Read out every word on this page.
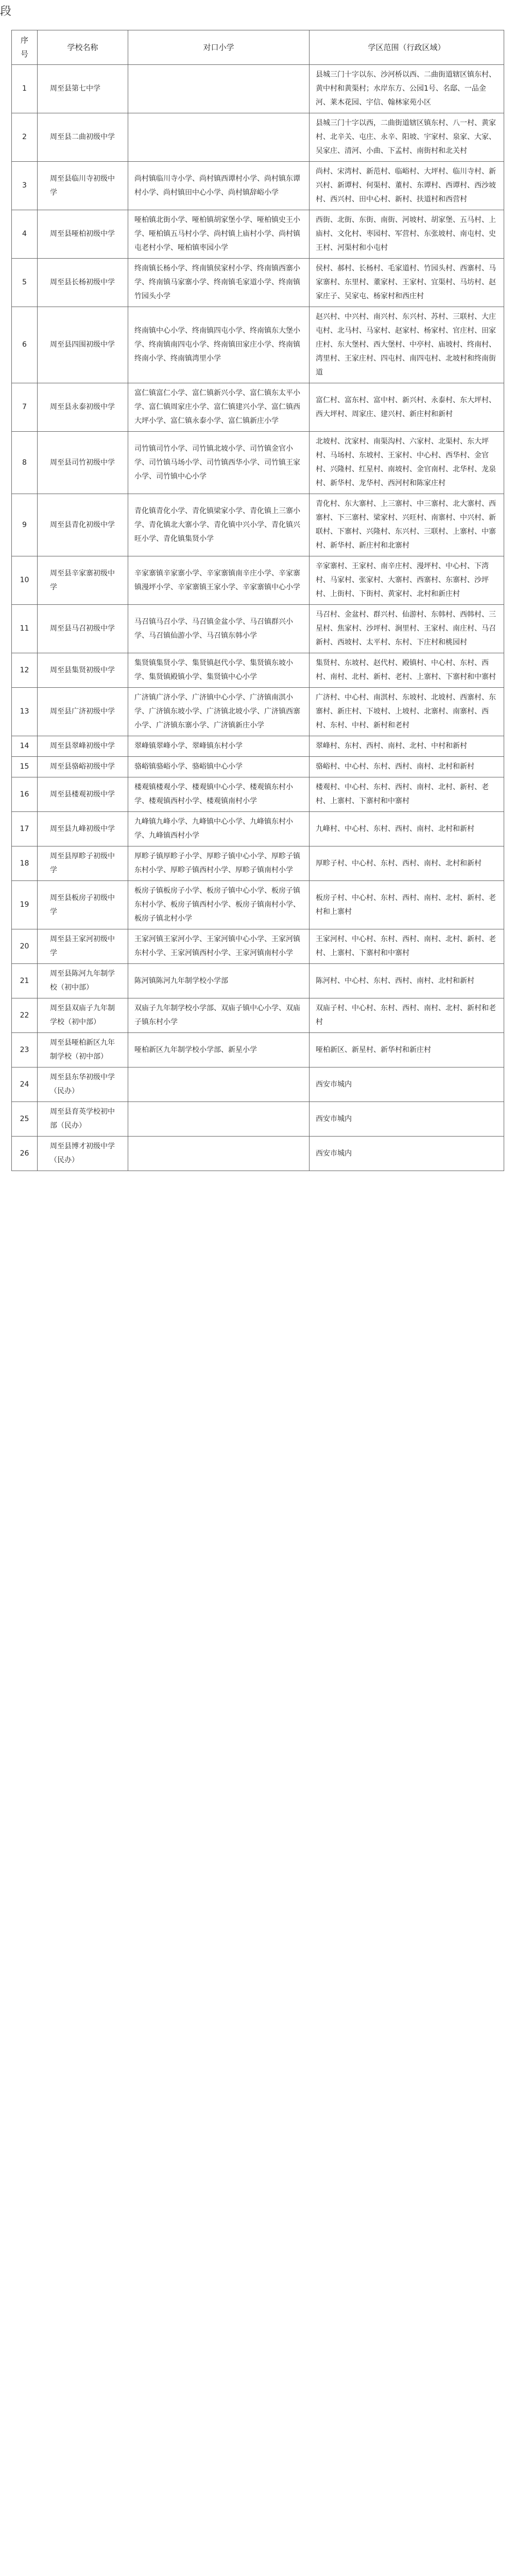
段
序号	学校名称	对口小学	学区范围（行政区域）
1	周至县第七中学		县城三门十字以东、沙河桥以西、二曲街道辖区镇东村、黄中村和黄渠村；水岸东方、公园1号、名邸、一品金河、莱木花园、宇信、翰林家苑小区
2	周至县二曲初级中学		县城三门十字以西，二曲街道辖区镇东村、八一村、黄家村、北辛关、屯庄、永辛、阳坡、宇家村、泉家、大家、吴家庄、清河、小曲、下孟村、南街村和北关村
3	周至县临川寺初级中学	尚村镇临川寺小学、尚村镇西谭村小学、尚村镇东谭村小学、尚村镇田中心小学、尚村镇辞峪小学	尚村、宋湾村、新范村、临峪村、大坪村、临川寺村、新兴村、新谭村、何渠村、董村、东谭村、西谭村、西沙坡村、西兴村、田中心村、新村、扶道村和西营村
4	周至县哑柏初级中学	哑柏镇北街小学、哑柏镇胡家堡小学、哑柏镇史王小学、哑柏镇五马村小学、尚村镇上庙村小学、尚村镇屯老村小学、哑柏镇枣园小学	西街、北街、东街、南街、河坡村、胡家堡、五马村、上庙村、文化村、枣园村、军营村、东张坡村、南屯村、史王村、河渠村和小屯村
5	周至县长杨初级中学	终南镇长杨小学、终南镇侯家村小学、终南镇西寨小学、终南镇马家寨小学、终南镇毛家道小学、终南镇竹园头小学	侯村、郝村、长杨村、毛家道村、竹园头村、西寨村、马家寨村、东里村、董家村、王家村、宜渠村、马坊村、赵家庄子、吴家屯、杨家村和西庄村
6	周至县四围初级中学	终南镇中心小学、终南镇四屯小学、终南镇东大堡小学、终南镇南四屯小学、终南镇田家庄小学、终南镇终南小学、终南镇湾里小学	赵兴村、中兴村、南兴村、东兴村、苏村、三联村、大庄屯村、北马村、马家村、赵家村、杨家村、官庄村、田家庄村、东大堡村、西大堡村、中亭村、庙坡村、终南村、湾里村、王家庄村、四屯村、南四屯村、北坡村和终南街道
7	周至县永泰初级中学	富仁镇富仁小学、富仁镇新兴小学、富仁镇东太平小学、富仁镇周家庄小学、富仁镇建兴小学、富仁镇西大坪小学、富仁镇永泰小学、富仁镇新庄小学	富仁村、富东村、富中村、新兴村、永泰村、东大坪村、西大坪村、周家庄、建兴村、新庄村和新村
8	周至县司竹初级中学	司竹镇司竹小学、司竹镇北坡小学、司竹镇金官小学、司竹镇马场小学、司竹镇西华小学、司竹镇王家小学、司竹镇中心小学	北坡村、沈家村、南渠沟村、六家村、北渠村、东大坪村、马场村、东坡村、王家村、中心村、西华村、金官村、兴隆村、红星村、南坡村、金官南村、北华村、龙泉村、新华村、龙华村、西河村和陈家庄村
9	周至县青化初级中学	青化镇青化小学、青化镇梁家小学、青化镇上三寨小学、青化镇北大寨小学、青化镇中兴小学、青化镇兴旺小学、青化镇集贤小学	青化村、东大寨村、上三寨村、中三寨村、北大寨村、西寨村、下三寨村、梁家村、兴旺村、南寨村、中兴村、新联村、下寨村、兴隆村、东兴村、三联村、上寨村、中寨村、新华村、新庄村和北寨村
10	周至县辛家寨初级中学	辛家寨镇辛家寨小学、辛家寨镇南辛庄小学、辛家寨镇漫坪小学、辛家寨镇王家小学、辛家寨镇中心小学	辛家寨村、王家村、南辛庄村、漫坪村、中心村、下湾村、马家村、张家村、大寨村、西寨村、东寨村、沙坪村、上街村、下街村、黄家村、北村和新庄村
11	周至县马召初级中学	马召镇马召小学、马召镇金盆小学、马召镇群兴小学、马召镇仙游小学、马召镇东韩小学	马召村、金盆村、群兴村、仙游村、东韩村、西韩村、三星村、焦家村、沙坪村、涧里村、王家村、南庄村、马召新村、西坡村、太平村、东村、下庄村和桃园村
12	周至县集贤初级中学	集贤镇集贤小学、集贤镇赵代小学、集贤镇东坡小学、集贤镇殿镇小学、集贤镇中心小学	集贤村、东坡村、赵代村、殿镇村、中心村、东村、西村、南村、北村、新村、老村、上寨村、下寨村和中寨村
13	周至县广济初级中学	广济镇广济小学、广济镇中心小学、广济镇南淇小学、广济镇东坡小学、广济镇北坡小学、广济镇西寨小学、广济镇东寨小学、广济镇新庄小学	广济村、中心村、南淇村、东坡村、北坡村、西寨村、东寨村、新庄村、下坡村、上坡村、北寨村、南寨村、西村、东村、中村、新村和老村
14	周至县翠峰初级中学	翠峰镇翠峰小学、翠峰镇东村小学	翠峰村、东村、西村、南村、北村、中村和新村
15	周至县骆峪初级中学	骆峪镇骆峪小学、骆峪镇中心小学	骆峪村、中心村、东村、西村、南村、北村和新村
16	周至县楼观初级中学	楼观镇楼观小学、楼观镇中心小学、楼观镇东村小学、楼观镇西村小学、楼观镇南村小学	楼观村、中心村、东村、西村、南村、北村、新村、老村、上寨村、下寨村和中寨村
17	周至县九峰初级中学	九峰镇九峰小学、九峰镇中心小学、九峰镇东村小学、九峰镇西村小学	九峰村、中心村、东村、西村、南村、北村和新村
18	周至县厚畛子初级中学	厚畛子镇厚畛子小学、厚畛子镇中心小学、厚畛子镇东村小学、厚畛子镇西村小学、厚畛子镇南村小学	厚畛子村、中心村、东村、西村、南村、北村和新村
19	周至县板房子初级中学	板房子镇板房子小学、板房子镇中心小学、板房子镇东村小学、板房子镇西村小学、板房子镇南村小学、板房子镇北村小学	板房子村、中心村、东村、西村、南村、北村、新村、老村和上寨村
20	周至县王家河初级中学	王家河镇王家河小学、王家河镇中心小学、王家河镇东村小学、王家河镇西村小学、王家河镇南村小学	王家河村、中心村、东村、西村、南村、北村、新村、老村、上寨村、下寨村和中寨村
21	周至县陈河九年制学校（初中部）	陈河镇陈河九年制学校小学部	陈河村、中心村、东村、西村、南村、北村和新村
22	周至县双庙子九年制学校（初中部）	双庙子九年制学校小学部、双庙子镇中心小学、双庙子镇东村小学	双庙子村、中心村、东村、西村、南村、北村、新村和老村
23	周至县哑柏新区九年制学校（初中部）	哑柏新区九年制学校小学部、新星小学	哑柏新区、新星村、新华村和新庄村
24	周至县东华初级中学（民办）		西安市城内
25	周至县育英学校初中部（民办）		西安市城内
26	周至县博才初级中学（民办）		西安市城内
